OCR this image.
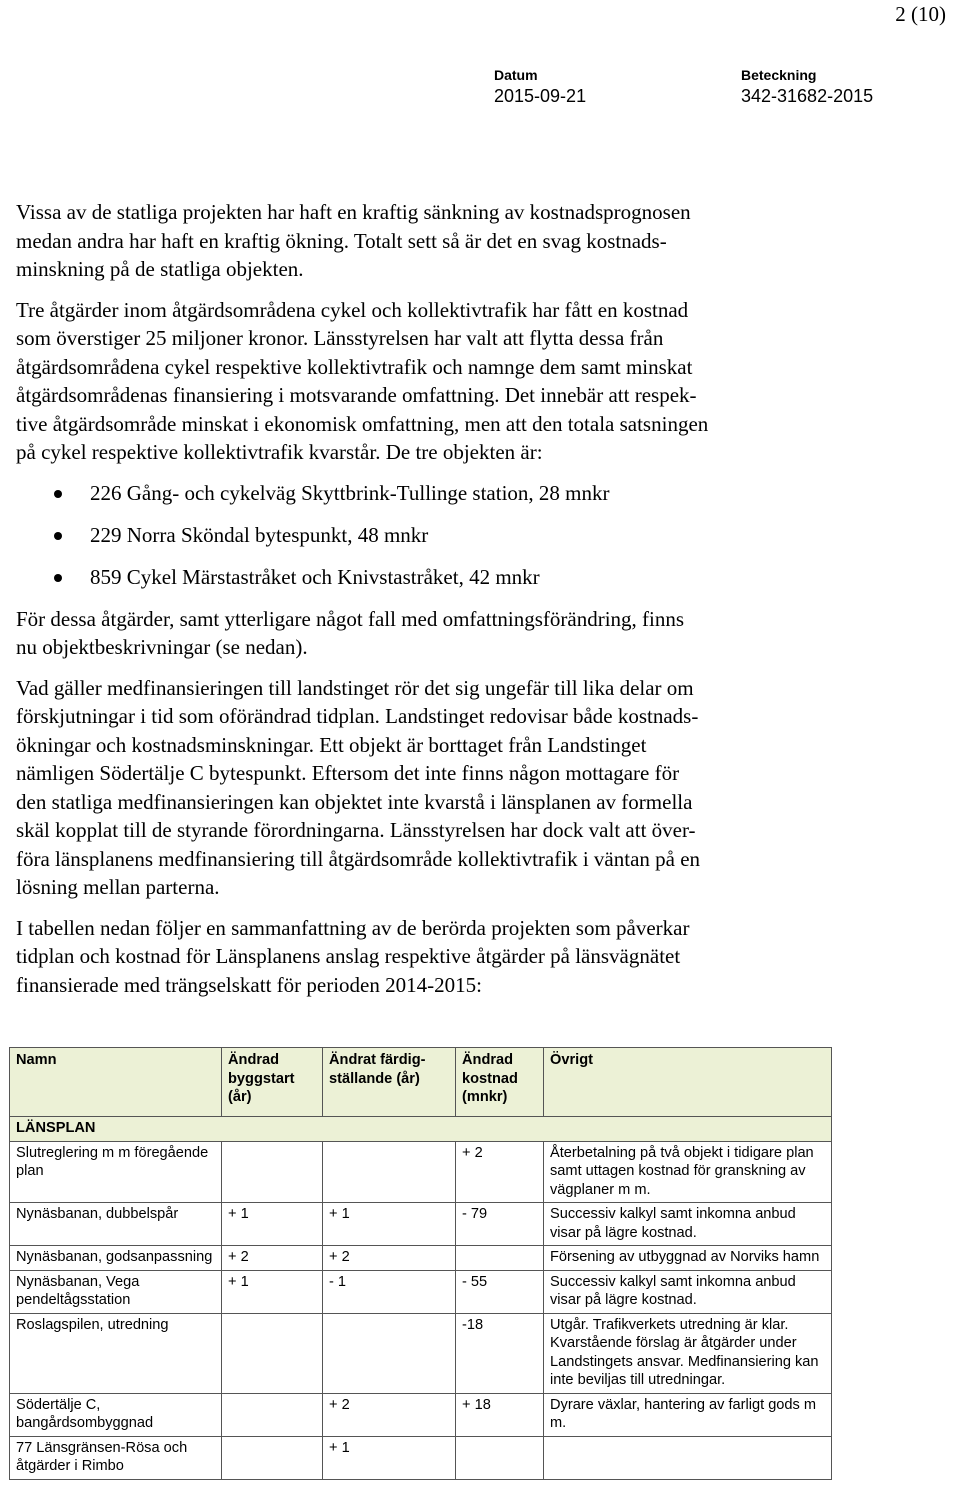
2 (10)
Datum
2015-09-21
Beteckning
342-31682-2015

Vissa av de statliga projekten har haft en kraftig sänkning av kostnadsprognosen
medan andra har haft en kraftig ökning. Totalt sett så är det en svag kostnads-
minskning på de statliga objekten.

Tre åtgärder inom åtgärdsområdena cykel och kollektivtrafik har fått en kostnad
som överstiger 25 miljoner kronor. Länsstyrelsen har valt att flytta dessa från
åtgärdsområdena cykel respektive kollektivtrafik och namnge dem samt minskat
åtgärdsområdenas finansiering i motsvarande omfattning. Det innebär att respek-
tive åtgärdsområde minskat i ekonomisk omfattning, men att den totala satsningen
på cykel respektive kollektivtrafik kvarstår. De tre objekten är:

226 Gång- och cykelväg Skyttbrink-Tullinge station, 28 mnkr
229 Norra Sköndal bytespunkt, 48 mnkr
859 Cykel Märstastråket och Knivstastråket, 42 mnkr

För dessa åtgärder, samt ytterligare något fall med omfattningsförändring, finns
nu objektbeskrivningar (se nedan).

Vad gäller medfinansieringen till landstinget rör det sig ungefär till lika delar om
förskjutningar i tid som oförändrad tidplan. Landstinget redovisar både kostnads-
ökningar och kostnadsminskningar. Ett objekt är borttaget från Landstinget
nämligen Södertälje C bytespunkt. Eftersom det inte finns någon mottagare för
den statliga medfinansieringen kan objektet inte kvarstå i länsplanen av formella
skäl kopplat till de styrande förordningarna. Länsstyrelsen har dock valt att över-
föra länsplanens medfinansiering till åtgärdsområde kollektivtrafik i väntan på en
lösning mellan parterna.

I tabellen nedan följer en sammanfattning av de berörda projekten som påverkar
tidplan och kostnad för Länsplanens anslag respektive åtgärder på länsvägnätet
finansierade med trängselskatt för perioden 2014-2015:

Namn	Ändrad byggstart (år)	Ändrat färdig-ställande (år)	Ändrad kostnad (mnkr)	Övrigt
LÄNSPLAN				
Slutreglering m m föregående plan			+ 2	Återbetalning på två objekt i tidigare plan samt uttagen kostnad för granskning av vägplaner m m.
Nynäsbanan, dubbelspår	+ 1	+ 1	- 79	Successiv kalkyl samt inkomna anbud visar på lägre kostnad.
Nynäsbanan, godsanpassning	+ 2	+ 2		Försening av utbyggnad av Norviks hamn
Nynäsbanan, Vega pendeltågsstation	+ 1	- 1	- 55	Successiv kalkyl samt inkomna anbud visar på lägre kostnad.
Roslagspilen, utredning			-18	Utgår. Trafikverkets utredning är klar. Kvarstående förslag är åtgärder under Landstingets ansvar. Medfinansiering kan inte beviljas till utredningar.
Södertälje C, bangårdsombyggnad		+ 2	+ 18	Dyrare växlar, hantering av farligt gods m m.
77 Länsgränsen-Rösa och åtgärder i Rimbo		+ 1		
